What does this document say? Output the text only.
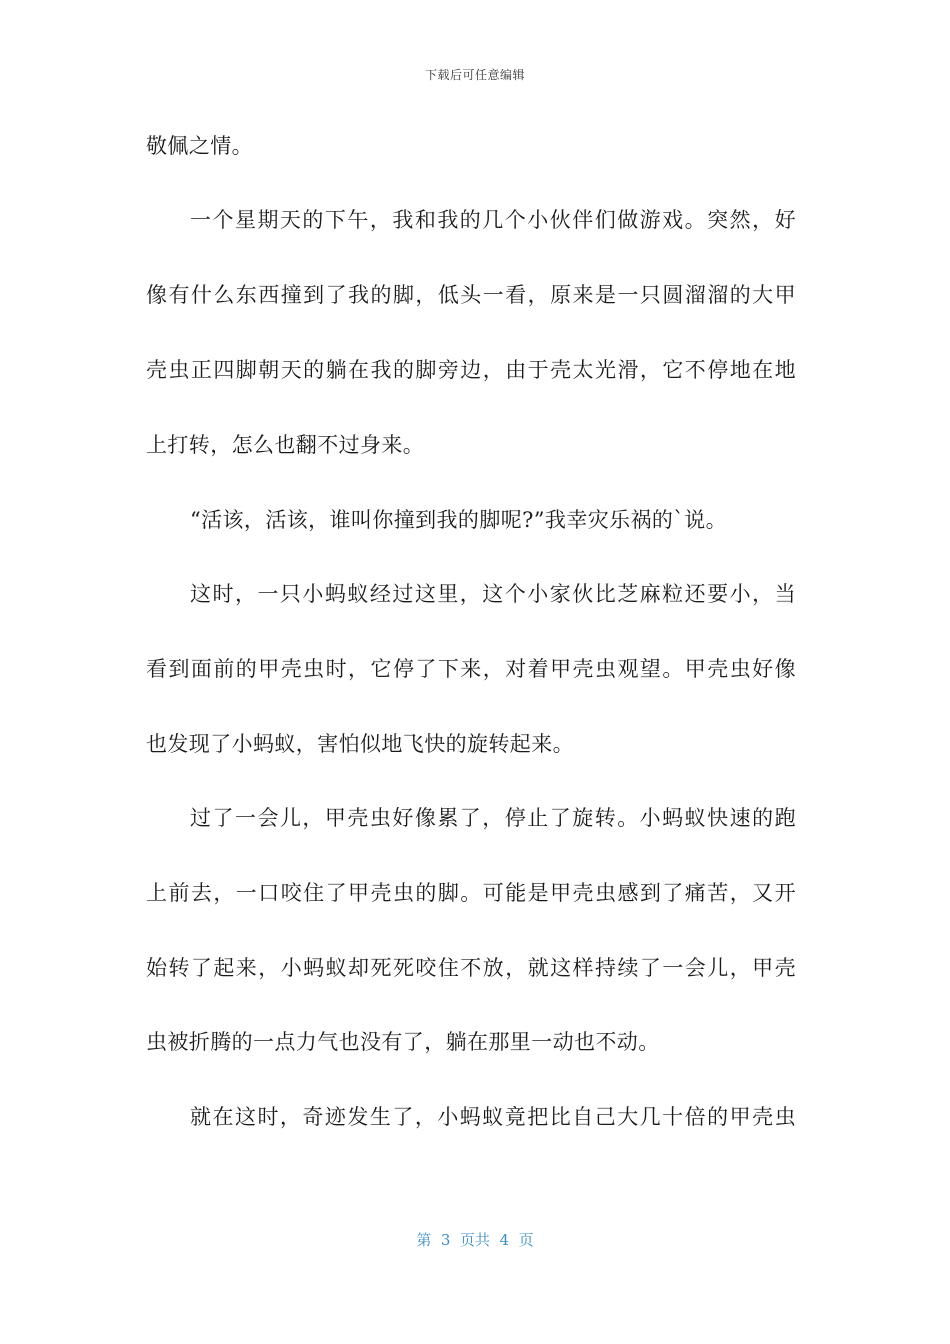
下载后可任意编辑
敬佩之情。
一个星期天的下午，我和我的几个小伙伴们做游戏。突然，好
像有什么东西撞到了我的脚，低头一看，原来是一只圆溜溜的大甲
壳虫正四脚朝天的躺在我的脚旁边，由于壳太光滑，它不停地在地
上打转，怎么也翻不过身来。
“活该，活该，谁叫你撞到我的脚呢?”我幸灾乐祸的`说。
这时，一只小蚂蚁经过这里，这个小家伙比芝麻粒还要小，当
看到面前的甲壳虫时，它停了下来，对着甲壳虫观望。甲壳虫好像
也发现了小蚂蚁，害怕似地飞快的旋转起来。
过了一会儿，甲壳虫好像累了，停止了旋转。小蚂蚁快速的跑
上前去，一口咬住了甲壳虫的脚。可能是甲壳虫感到了痛苦，又开
始转了起来，小蚂蚁却死死咬住不放，就这样持续了一会儿，甲壳
虫被折腾的一点力气也没有了，躺在那里一动也不动。
就在这时，奇迹发生了，小蚂蚁竟把比自己大几十倍的甲壳虫
第  3  页共  4  页
